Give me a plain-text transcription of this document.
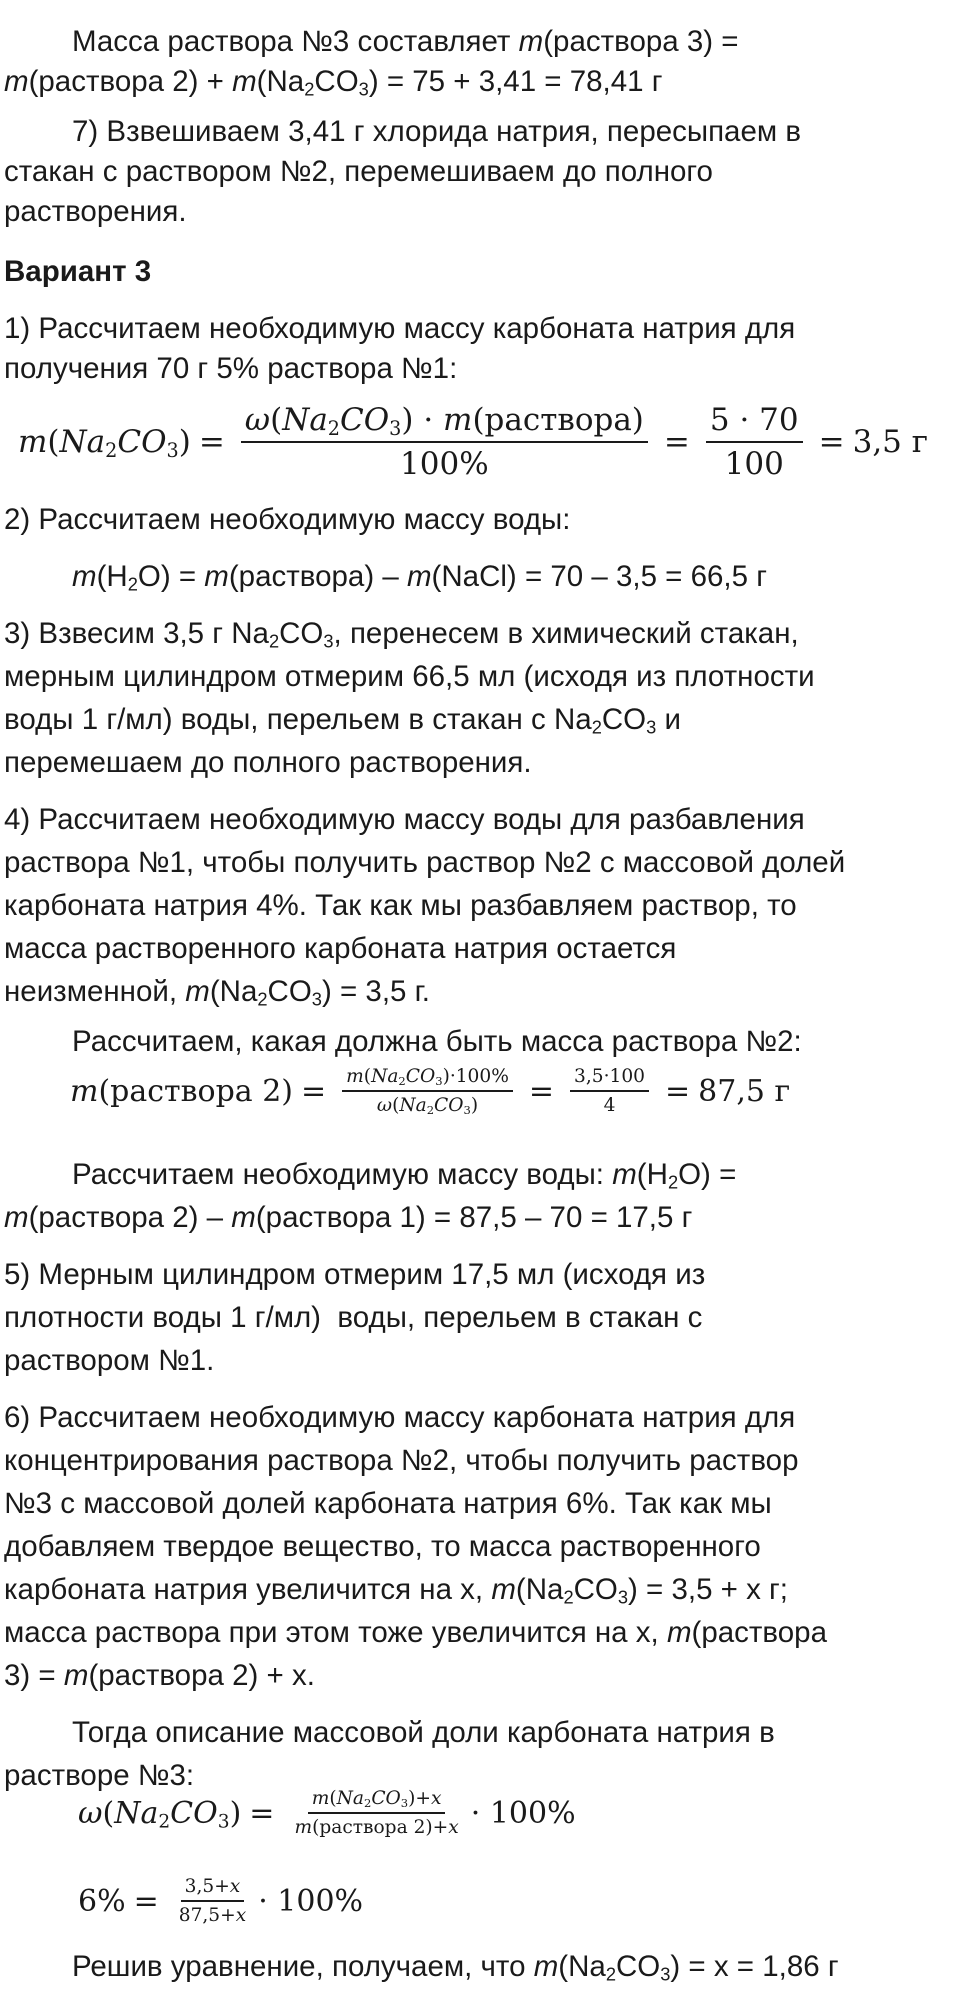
Масса раствора №3 составляет m(раствора 3) =

m(раствора $2) + m(Na_2CO_3) = 75 + 3,41 = 78,41$ г

7) Взвешиваем 3,41 г хлорида натрия, пересыпаем в

стакан с раствором №2, перемешиваем до полного

растворения.

Вариант 3

1) Рассчитаем необходимую массу карбоната натрия для

получения 70 г 5% раствора №1:

$m(Na_2CO_3) = \frac{\omega(Na_2CO_3) \cdot m(раствора)}{100\%} = \frac{5 \cdot 70}{100} = 3,5$ г

2) Рассчитаем необходимую массу воды:

$m(H_2O)$ = m(раствора) – m(NaCl) = 70 – 3,5 = 66,5 г

3) Взвесим 3,5 г $Na_2CO_3$, перенесем в химический стакан,

мерным цилиндром отмерим 66,5 мл (исходя из плотности

воды 1 г/мл) воды, перельем в стакан с $Na_2CO_3$ и

перемешаем до полного растворения.

4) Рассчитаем необходимую массу воды для разбавления

раствора №1, чтобы получить раствор №2 с массовой долей

карбоната натрия 4%. Так как мы разбавляем раствор, то

масса растворенного карбоната натрия остается

неизменной, $m(Na_2CO_3) = 3,5$ г.

Рассчитаем, какая должна быть масса раствора №2:

m(раствора $2) = \frac{m(Na_2CO_3)\cdot 100\%}{\omega(Na_2CO_3)} = \frac{3,5\cdot 100}{4} = 87,5$ г

Рассчитаем необходимую массу воды: $m(H_2O)$ =

m(раствора 2) – m(раствора 1) = 87,5 – 70 = 17,5 г

5) Мерным цилиндром отмерим 17,5 мл (исходя из

плотности воды 1 г/мл)  воды, перельем в стакан с

раствором №1.

6) Рассчитаем необходимую массу карбоната натрия для

концентрирования раствора №2, чтобы получить раствор

№3 с массовой долей карбоната натрия 6%. Так как мы

добавляем твердое вещество, то масса растворенного

карбоната натрия увеличится на x, $m(Na_2CO_3) = 3,5 + x$ г;

масса раствора при этом тоже увеличится на x, m(раствора

3) = m(раствора 2) + x.

Тогда описание массовой доли карбоната натрия в

растворе №3:

$\omega(Na_2CO_3) = \frac{m(Na_2CO_3)+x}{\text{m(раствора 2)+x}} \cdot 100\%$
$6\% = \frac{3,5+x}{87,5+x} \cdot 100\%$

Решив уравнение, получаем, что $m(Na_2CO_3) = x = 1,86$ г
